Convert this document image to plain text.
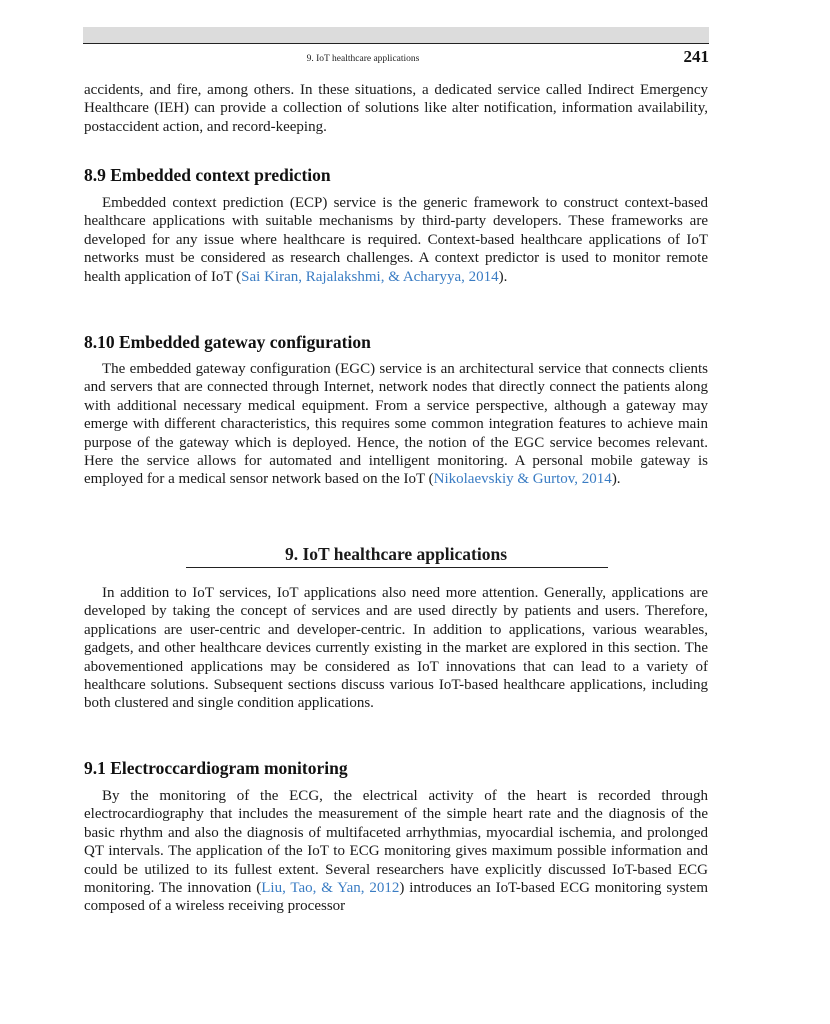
9. IoT healthcare applications	241

accidents, and fire, among others. In these situations, a dedicated service called Indirect Emergency Healthcare (IEH) can provide a collection of solutions like alter notification, information availability, postaccident action, and record-keeping.

8.9 Embedded context prediction

Embedded context prediction (ECP) service is the generic framework to construct context-based healthcare applications with suitable mechanisms by third-party developers. These frameworks are developed for any issue where healthcare is required. Context-based healthcare applications of IoT networks must be considered as research challenges. A context predictor is used to monitor remote health application of IoT (Sai Kiran, Rajalakshmi, & Acharyya, 2014).

8.10 Embedded gateway configuration

The embedded gateway configuration (EGC) service is an architectural service that connects clients and servers that are connected through Internet, network nodes that directly connect the patients along with additional necessary medical equipment. From a service perspective, although a gateway may emerge with different characteristics, this requires some common integration features to achieve main purpose of the gateway which is deployed. Hence, the notion of the EGC service becomes relevant. Here the service allows for automated and intelligent monitoring. A personal mobile gateway is employed for a medical sensor network based on the IoT (Nikolaevskiy & Gurtov, 2014).

9. IoT healthcare applications

In addition to IoT services, IoT applications also need more attention. Generally, applications are developed by taking the concept of services and are used directly by patients and users. Therefore, applications are user-centric and developer-centric. In addition to applications, various wearables, gadgets, and other healthcare devices currently existing in the market are explored in this section. The abovementioned applications may be considered as IoT innovations that can lead to a variety of healthcare solutions. Subsequent sections discuss various IoT-based healthcare applications, including both clustered and single condition applications.

9.1 Electroccardiogram monitoring

By the monitoring of the ECG, the electrical activity of the heart is recorded through electrocardiography that includes the measurement of the simple heart rate and the diagnosis of the basic rhythm and also the diagnosis of multifaceted arrhythmias, myocardial ischemia, and prolonged QT intervals. The application of the IoT to ECG monitoring gives maximum possible information and could be utilized to its fullest extent. Several researchers have explicitly discussed IoT-based ECG monitoring. The innovation (Liu, Tao, & Yan, 2012) introduces an IoT-based ECG monitoring system composed of a wireless receiving processor
